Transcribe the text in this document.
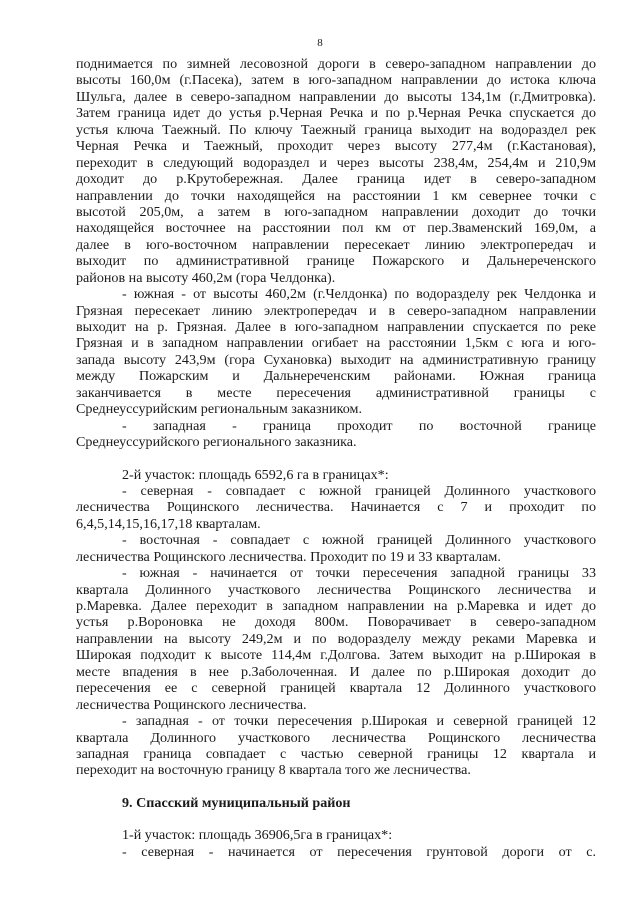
8
поднимается по зимней лесовозной дороги в северо-западном направлении до
высоты 160,0м (г.Пасека), затем в юго-западном направлении до истока ключа
Шульга, далее в северо-западном направлении до высоты 134,1м (г.Дмитровка).
Затем граница идет до устья р.Черная Речка и по р.Черная Речка спускается до
устья ключа Таежный. По ключу Таежный граница выходит на водораздел рек
Черная Речка и Таежный, проходит через высоту 277,4м (г.Кастановая),
переходит в следующий водораздел и через высоты 238,4м, 254,4м и 210,9м
доходит до р.Крутобережная. Далее граница идет в северо-западном
направлении до точки находящейся на расстоянии 1 км севернее точки с
высотой 205,0м, а затем в юго-западном направлении доходит до точки
находящейся восточнее на расстоянии пол км от пер.Зваменский 169,0м, а
далее в юго-восточном направлении пересекает линию электропередач и
выходит по административной границе Пожарского и Дальнереченского
районов на высоту 460,2м (гора Челдонка).
- южная - от высоты 460,2м (г.Челдонка) по водоразделу рек Челдонка и
Грязная пересекает линию электропередач и в северо-западном направлении
выходит на р. Грязная. Далее в юго-западном направлении спускается по реке
Грязная и в западном направлении огибает на расстоянии 1,5км с юга и юго-
запада высоту 243,9м (гора Сухановка) выходит на административную границу
между Пожарским и Дальнереченским районами. Южная граница
заканчивается в месте пересечения административной границы с
Среднеуссурийским региональным заказником.
- западная - граница проходит по восточной границе
Среднеуссурийского регионального заказника.
2-й участок: площадь 6592,6 га в границах*:
- северная - совпадает с южной границей Долинного участкового
лесничества Рощинского лесничества. Начинается с 7 и проходит по
6,4,5,14,15,16,17,18 кварталам.
- восточная - совпадает с южной границей Долинного участкового
лесничества Рощинского лесничества. Проходит по 19 и 33 кварталам.
- южная - начинается от точки пересечения западной границы 33
квартала Долинного участкового лесничества Рощинского лесничества и
р.Маревка. Далее переходит в западном направлении на р.Маревка и идет до
устья р.Вороновка не доходя 800м. Поворачивает в северо-западном
направлении на высоту 249,2м и по водоразделу между реками Маревка и
Широкая подходит к высоте 114,4м г.Долгова. Затем выходит на р.Широкая в
месте впадения в нее р.Заболоченная. И далее по р.Широкая доходит до
пересечения ее с северной границей квартала 12 Долинного участкового
лесничества Рощинского лесничества.
- западная - от точки пересечения р.Широкая и северной границей 12
квартала Долинного участкового лесничества Рощинского лесничества
западная граница совпадает с частью северной границы 12 квартала и
переходит на восточную границу 8 квартала того же лесничества.
9. Спасский муниципальный район
1-й участок: площадь 36906,5га в границах*:
- северная - начинается от пересечения грунтовой дороги от с.
